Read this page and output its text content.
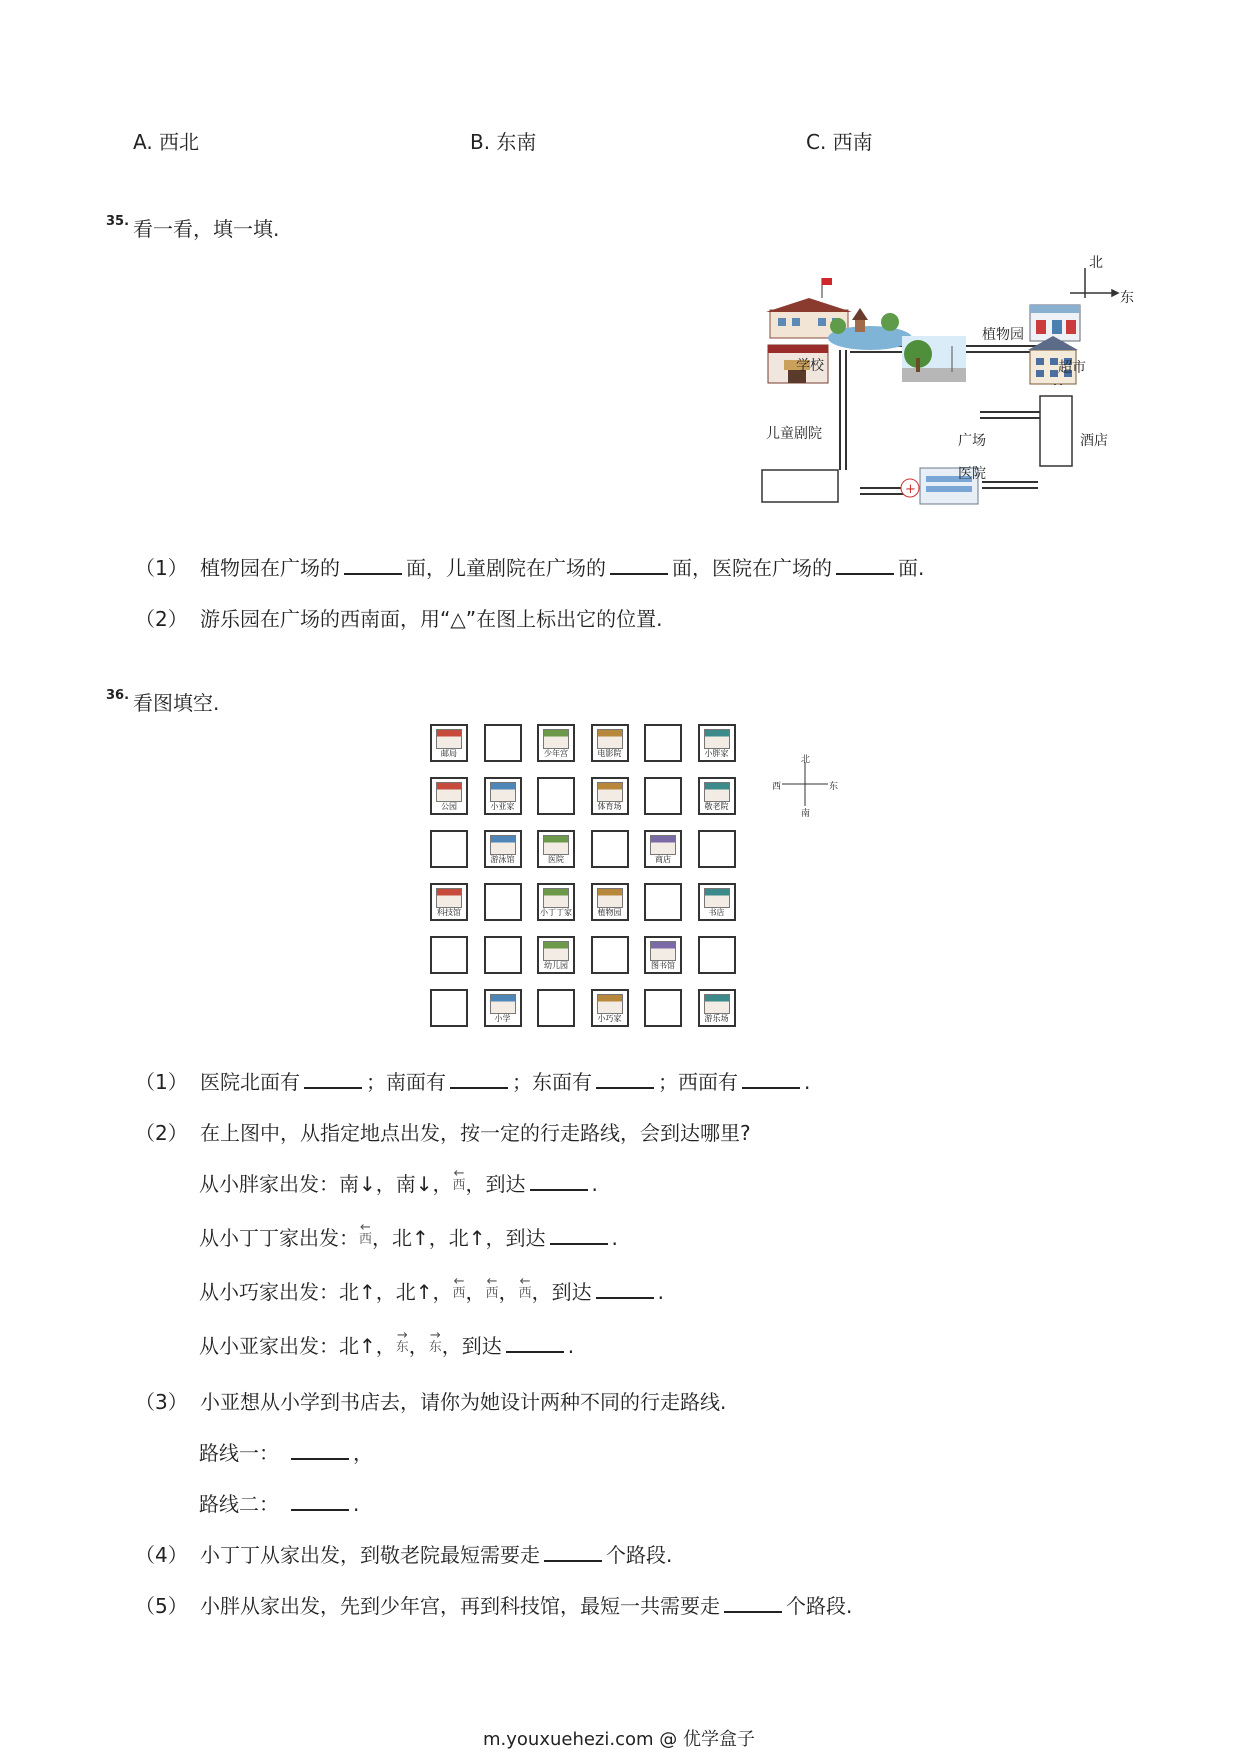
A. 西北	B. 东南	C. 西南
35. 看一看，填一填.
+
北
东
植物园
学校	超市
儿童剧院	广场	酒店
医院
（1） 植物园在广场的	面，儿童剧院在广场的	面，医院在广场的	面.
（2） 游乐园在广场的西南面，用“△”在图上标出它的位置.
36. 看图填空.
邮局	少年宫	电影院	小胖家
公园	小亚家	体育场	敬老院
游泳馆	医院	商店
科技馆	小丁丁家	植物园	书店
幼儿园	图书馆
小学	小巧家	游乐场
北
南
西	东
（1） 医院北面有	；南面有	；东面有	；西面有	.
（2） 在上图中，从指定地点出发，按一定的行走路线，会到达哪里?
从小胖家出发：南↓，南↓，←
西，到达	.
从小丁丁家出发：←
西，北↑，北↑，到达	.
从小巧家出发：北↑，北↑，←
西，←
西，←
西，到达	.
从小亚家出发：北↑，→
东，→
东，到达	.
（3） 小亚想从小学到书店去，请你为她设计两种不同的行走路线.
路线一：	，
路线二：	.
（4） 小丁丁从家出发，到敬老院最短需要走	个路段.
（5） 小胖从家出发，先到少年宫，再到科技馆，最短一共需要走	个路段.
m.youxuehezi.com @ 优学盒子
